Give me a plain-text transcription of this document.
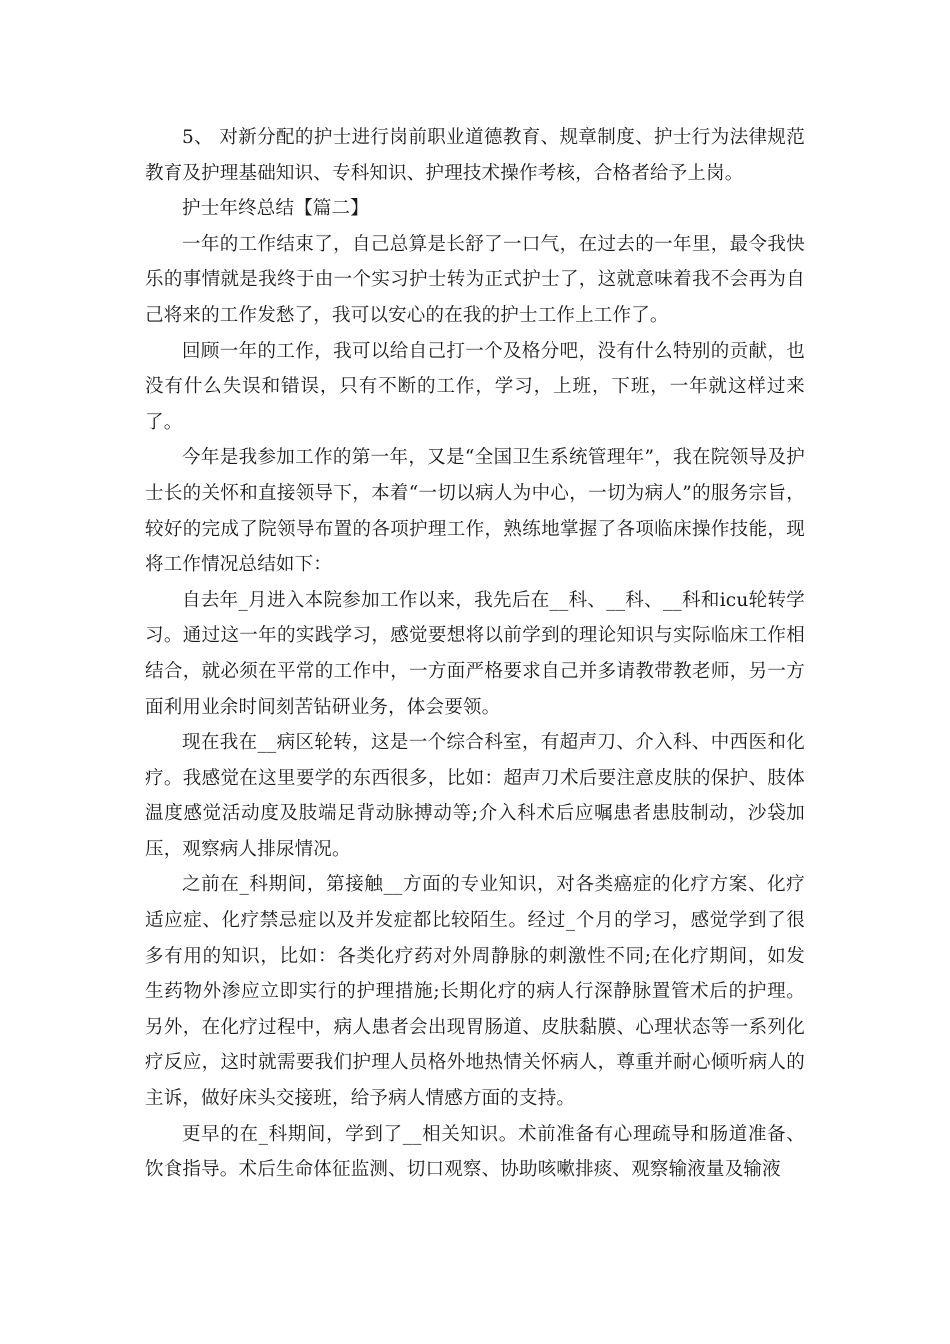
5、 对新分配的护士进行岗前职业道德教育、规章制度、护士行为法律规范教育及护理基础知识、专科知识、护理技术操作考核，合格者给予上岗。

护士年终总结【篇二】

一年的工作结束了，自己总算是长舒了一口气，在过去的一年里，最令我快乐的事情就是我终于由一个实习护士转为正式护士了，这就意味着我不会再为自己将来的工作发愁了，我可以安心的在我的护士工作上工作了。

回顾一年的工作，我可以给自己打一个及格分吧，没有什么特别的贡献，也没有什么失误和错误，只有不断的工作，学习，上班，下班，一年就这样过来了。

今年是我参加工作的第一年，又是“全国卫生系统管理年”，我在院领导及护士长的关怀和直接领导下，本着“一切以病人为中心，一切为病人”的服务宗旨，较好的完成了院领导布置的各项护理工作，熟练地掌握了各项临床操作技能，现将工作情况总结如下：

自去年_月进入本院参加工作以来，我先后在__科、__科、__科和icu轮转学习。通过这一年的实践学习，感觉要想将以前学到的理论知识与实际临床工作相结合，就必须在平常的工作中，一方面严格要求自己并多请教带教老师，另一方面利用业余时间刻苦钻研业务，体会要领。

现在我在__病区轮转，这是一个综合科室，有超声刀、介入科、中西医和化疗。我感觉在这里要学的东西很多，比如：超声刀术后要注意皮肤的保护、肢体温度感觉活动度及肢端足背动脉搏动等;介入科术后应嘱患者患肢制动，沙袋加压，观察病人排尿情况。

之前在_科期间，第接触__方面的专业知识，对各类癌症的化疗方案、化疗适应症、化疗禁忌症以及并发症都比较陌生。经过_个月的学习，感觉学到了很多有用的知识，比如：各类化疗药对外周静脉的刺激性不同;在化疗期间，如发生药物外渗应立即实行的护理措施;长期化疗的病人行深静脉置管术后的护理。另外，在化疗过程中，病人患者会出现胃肠道、皮肤黏膜、心理状态等一系列化疗反应，这时就需要我们护理人员格外地热情关怀病人，尊重并耐心倾听病人的主诉，做好床头交接班，给予病人情感方面的支持。

更早的在_科期间，学到了__相关知识。术前准备有心理疏导和肠道准备、饮食指导。术后生命体征监测、切口观察、协助咳嗽排痰、观察输液量及输液
